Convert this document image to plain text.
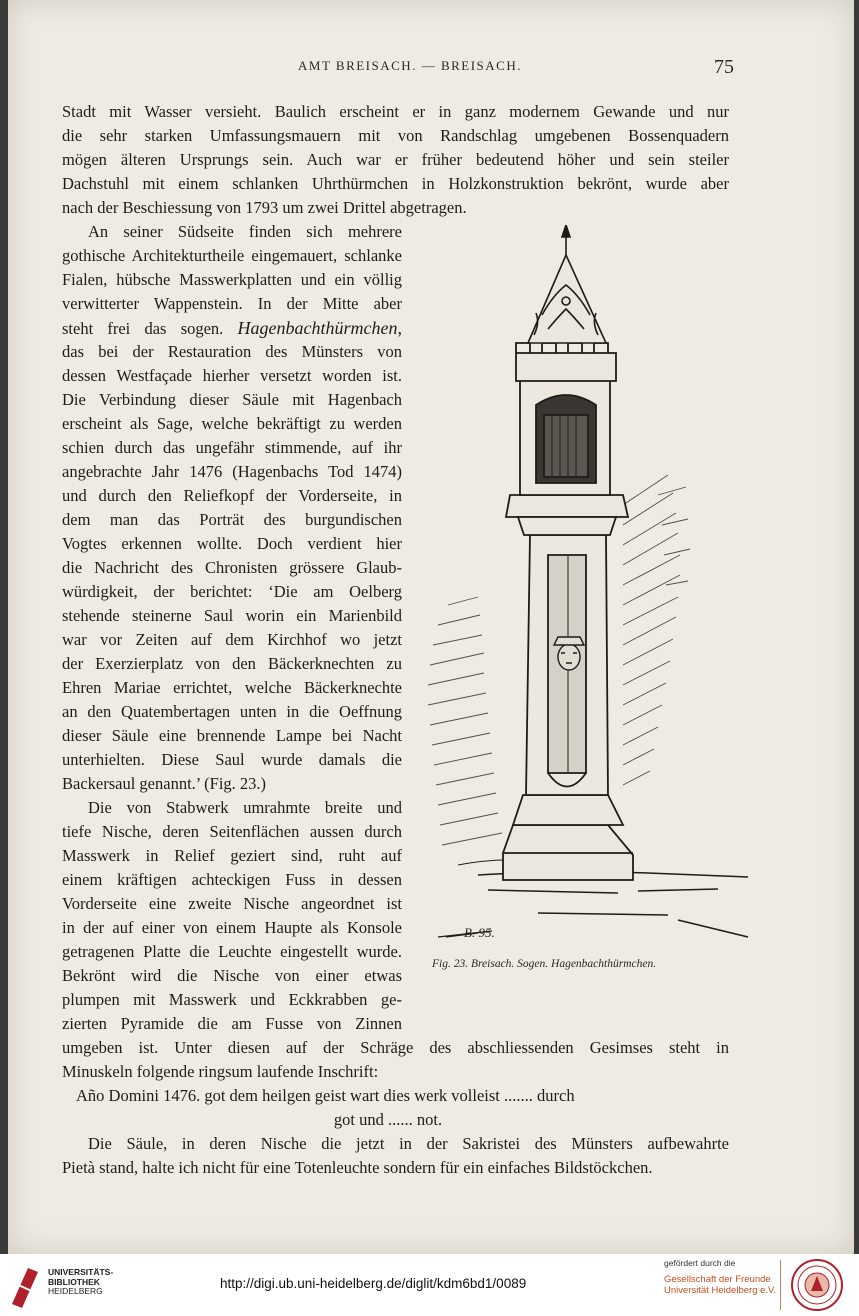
AMT BREISACH. — BREISACH.	75
Stadt mit Wasser versieht. Baulich erscheint er in ganz modernem Gewande und nur
die sehr starken Umfassungsmauern mit von Randschlag umgebenen Bossenquadern
mögen älteren Ursprungs sein. Auch war er früher bedeutend höher und sein steiler
Dachstuhl mit einem schlanken Uhrthürmchen in Holzkonstruktion bekrönt, wurde aber
nach der Beschiessung von 1793 um zwei Drittel abgetragen.
An seiner Südseite finden sich mehrere
gothische Architekturtheile eingemauert, schlanke
Fialen, hübsche Masswerkplatten und ein völlig
verwitterter Wappenstein. In der Mitte aber
steht frei das sogen. Hagenbachthürmchen,
das bei der Restauration des Münsters von
dessen Westfaçade hierher versetzt worden ist.
Die Verbindung dieser Säule mit Hagenbach
erscheint als Sage, welche bekräftigt zu werden
schien durch das ungefähr stimmende, auf ihr
angebrachte Jahr 1476 (Hagenbachs Tod 1474)
und durch den Reliefkopf der Vorderseite, in
dem man das Porträt des burgundischen
Vogtes erkennen wollte. Doch verdient hier
die Nachricht des Chronisten grössere Glaub-
würdigkeit, der berichtet: ‘Die am Oelberg
stehende steinerne Saul worin ein Marienbild
war vor Zeiten auf dem Kirchhof wo jetzt
der Exerzierplatz von den Bäckerknechten zu
Ehren Mariae errichtet, welche Bäckerknechte
an den Quatembertagen unten in die Oeffnung
dieser Säule eine brennende Lampe bei Nacht
unterhielten. Diese Saul wurde damals die
Backersaul genannt.’ (Fig. 23.)
Die von Stabwerk umrahmte breite und
tiefe Nische, deren Seitenflächen aussen durch
Masswerk in Relief geziert sind, ruht auf
einem kräftigen achteckigen Fuss in dessen
Vorderseite eine zweite Nische angeordnet ist
in der auf einer von einem Haupte als Konsole
getragenen Platte die Leuchte eingestellt wurde.
Bekrönt wird die Nische von einer etwas
plumpen mit Masswerk und Eckkrabben ge-
zierten Pyramide die am Fusse von Zinnen
umgeben ist. Unter diesen auf der Schräge des abschliessenden Gesimses steht in
Minuskeln folgende ringsum laufende Inschrift:
Año Domini 1476. got dem heilgen geist wart dies werk volleist ....... durch
got und ...... not.
Die Säule, in deren Nische die jetzt in der Sakristei des Münsters aufbewahrte
Pietà stand, halte ich nicht für eine Totenleuchte sondern für ein einfaches Bildstöckchen.
B. 95.
Fig. 23. Breisach. Sogen. Hagenbachthürmchen.
UNIVERSITÄTS-
BIBLIOTHEK
HEIDELBERG	http://digi.ub.uni-heidelberg.de/diglit/kdm6bd1/0089
gefördert durch die
Gesellschaft der Freunde
Universität Heidelberg e.V.
